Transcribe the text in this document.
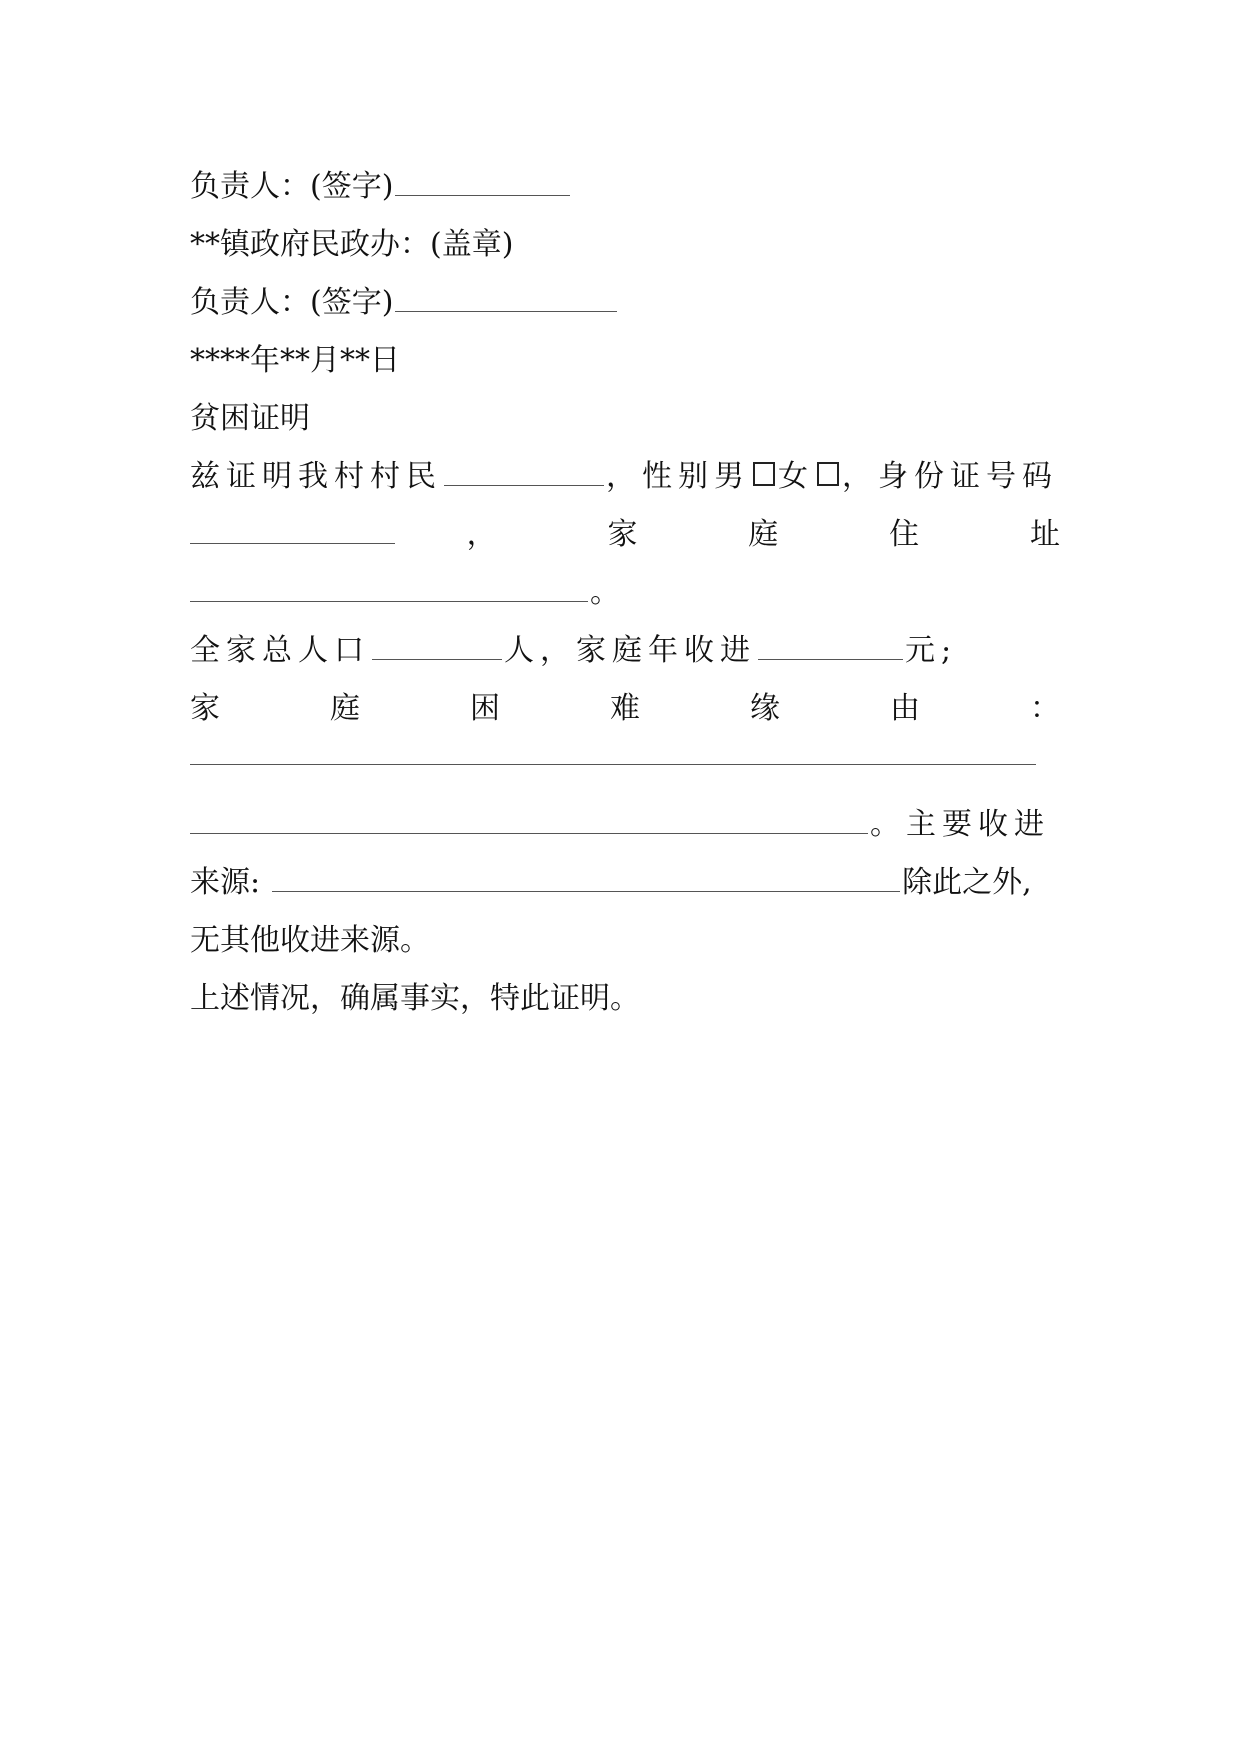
负责人：(签字)
**镇政府民政办：(盖章)
负责人：(签字)
****年**月**日
贫困证明
兹证明我村村民	，性别男 女 ，身份证号码
，	家	庭	住	址
。
全家总人口	人，家庭年收进	元;
家	庭	困	难	缘	由	：
。主要收进
来源:	除此之外,
无其他收进来源。
上述情况，确属事实，特此证明。
